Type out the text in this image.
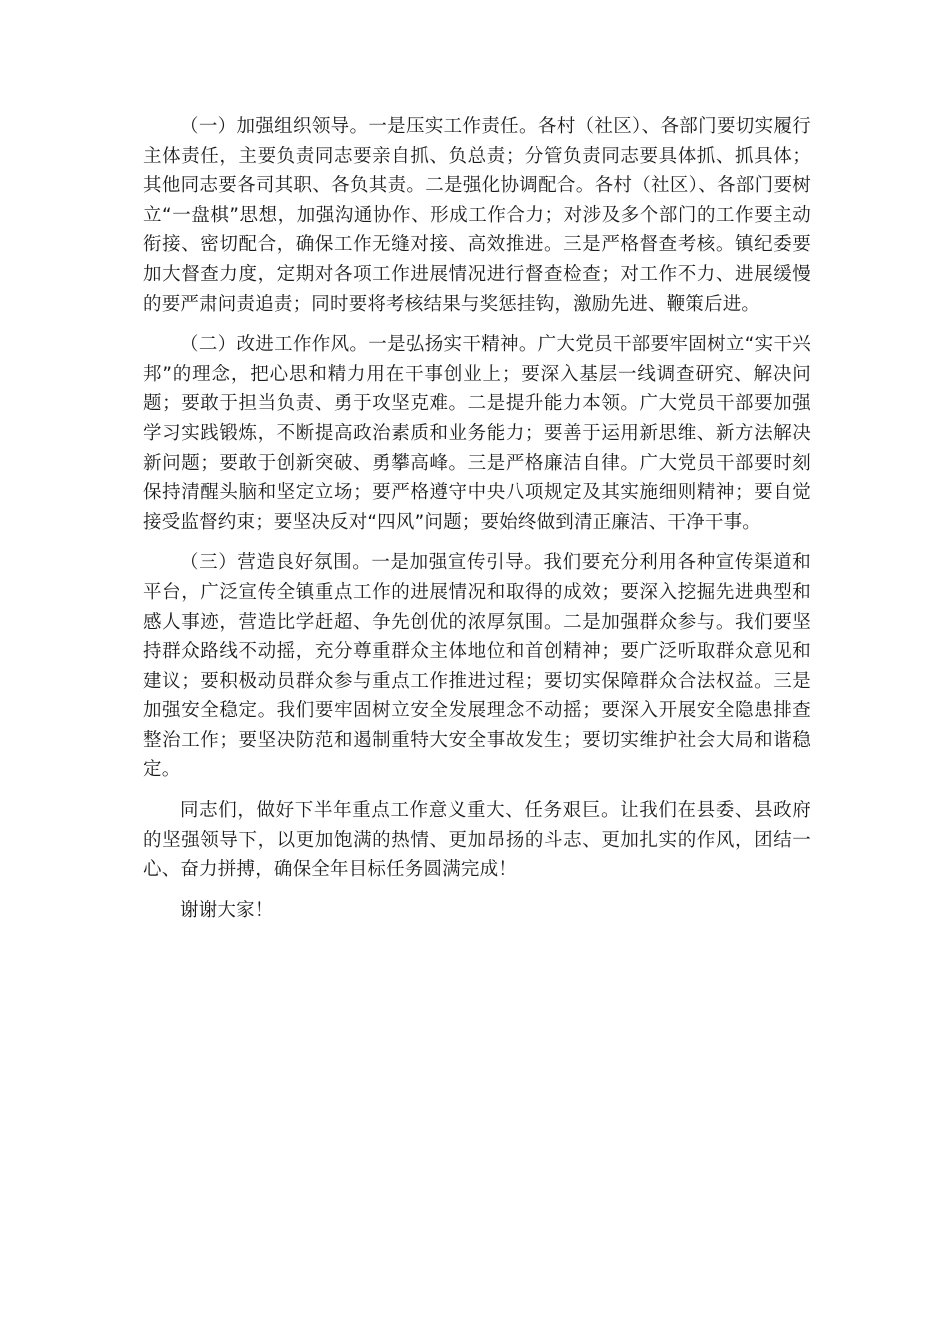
（一）加强组织领导。一是压实工作责任。各村（社区）、各部门要切实履行主体责任，主要负责同志要亲自抓、负总责；分管负责同志要具体抓、抓具体；其他同志要各司其职、各负其责。二是强化协调配合。各村（社区）、各部门要树立“一盘棋”思想，加强沟通协作、形成工作合力；对涉及多个部门的工作要主动衔接、密切配合，确保工作无缝对接、高效推进。三是严格督查考核。镇纪委要加大督查力度，定期对各项工作进展情况进行督查检查；对工作不力、进展缓慢的要严肃问责追责；同时要将考核结果与奖惩挂钩，激励先进、鞭策后进。

（二）改进工作作风。一是弘扬实干精神。广大党员干部要牢固树立“实干兴邦”的理念，把心思和精力用在干事创业上；要深入基层一线调查研究、解决问题；要敢于担当负责、勇于攻坚克难。二是提升能力本领。广大党员干部要加强学习实践锻炼，不断提高政治素质和业务能力；要善于运用新思维、新方法解决新问题；要敢于创新突破、勇攀高峰。三是严格廉洁自律。广大党员干部要时刻保持清醒头脑和坚定立场；要严格遵守中央八项规定及其实施细则精神；要自觉接受监督约束；要坚决反对“四风”问题；要始终做到清正廉洁、干净干事。

（三）营造良好氛围。一是加强宣传引导。我们要充分利用各种宣传渠道和平台，广泛宣传全镇重点工作的进展情况和取得的成效；要深入挖掘先进典型和感人事迹，营造比学赶超、争先创优的浓厚氛围。二是加强群众参与。我们要坚持群众路线不动摇，充分尊重群众主体地位和首创精神；要广泛听取群众意见和建议；要积极动员群众参与重点工作推进过程；要切实保障群众合法权益。三是加强安全稳定。我们要牢固树立安全发展理念不动摇；要深入开展安全隐患排查整治工作；要坚决防范和遏制重特大安全事故发生；要切实维护社会大局和谐稳定。

同志们，做好下半年重点工作意义重大、任务艰巨。让我们在县委、县政府的坚强领导下，以更加饱满的热情、更加昂扬的斗志、更加扎实的作风，团结一心、奋力拼搏，确保全年目标任务圆满完成！

谢谢大家！
